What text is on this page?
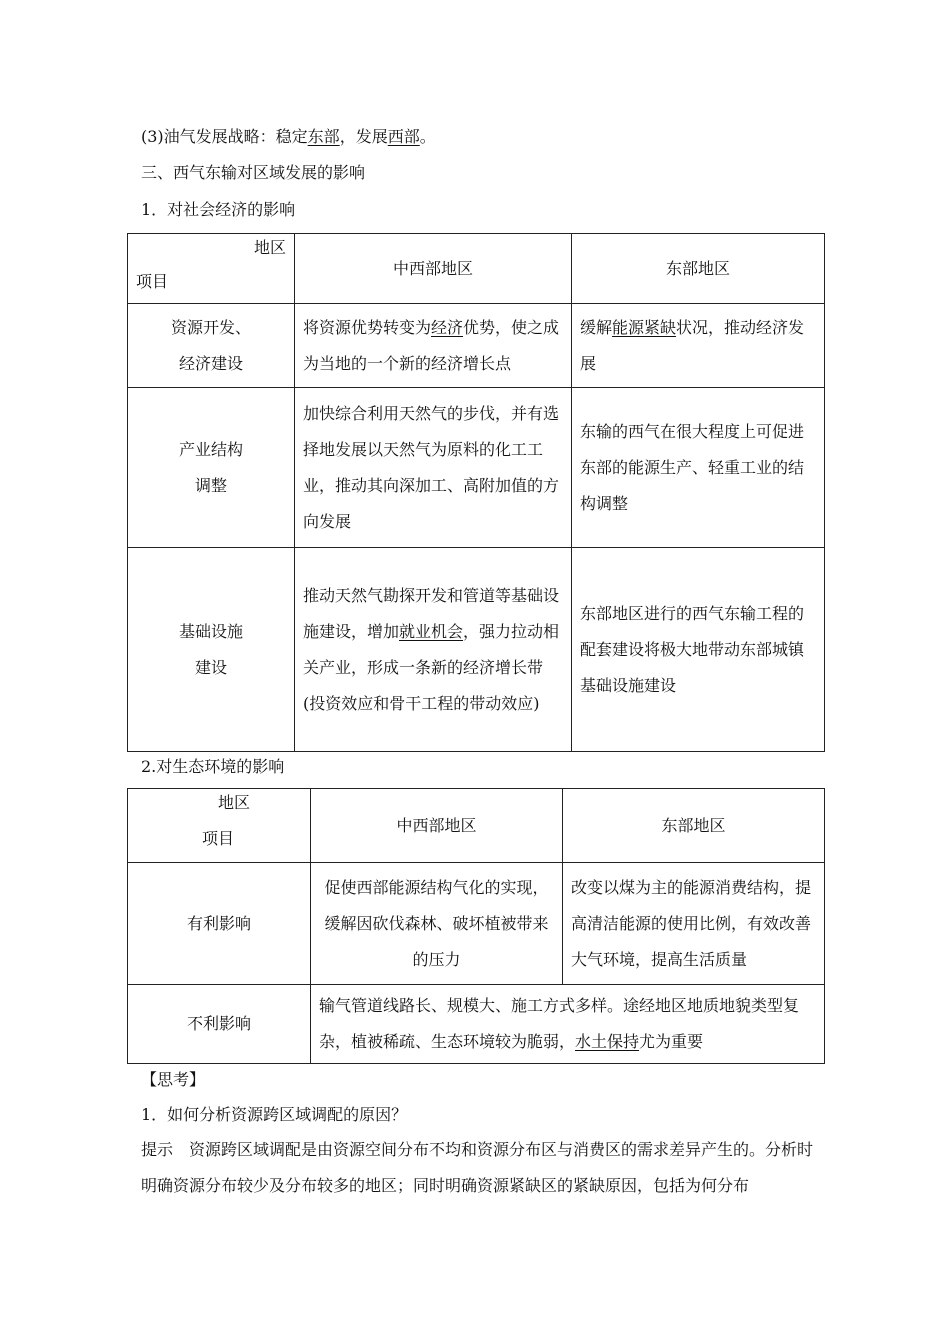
(3)油气发展战略：稳定东部，发展西部。
三、西气东输对区域发展的影响
1．对社会经济的影响
地区
项目	中西部地区	东部地区

资源开发、
经济建设	将资源优势转变为经济优势，使之成为当地的一个新的经济增长点	缓解能源紧缺状况，推动经济发展

产业结构
调整	加快综合利用天然气的步伐，并有选择地发展以天然气为原料的化工工业，推动其向深加工、高附加值的方向发展	东输的西气在很大程度上可促进东部的能源生产、轻重工业的结构调整

基础设施
建设	推动天然气勘探开发和管道等基础设施建设，增加就业机会，强力拉动相关产业，形成一条新的经济增长带(投资效应和骨干工程的带动效应)	东部地区进行的西气东输工程的配套建设将极大地带动东部城镇基础设施建设
2.对生态环境的影响
地区
项目	中西部地区	东部地区
有利影响	促使西部能源结构气化的实现，缓解因砍伐森林、破坏植被带来的压力	改变以煤为主的能源消费结构，提高清洁能源的使用比例，有效改善大气环境，提高生活质量
不利影响	输气管道线路长、规模大、施工方式多样。途经地区地质地貌类型复杂，植被稀疏、生态环境较为脆弱，水土保持尤为重要	
【思考】
1．如何分析资源跨区域调配的原因？
提示　资源跨区域调配是由资源空间分布不均和资源分布区与消费区的需求差异产生的。分析时明确资源分布较少及分布较多的地区；同时明确资源紧缺区的紧缺原因，包括为何分布
